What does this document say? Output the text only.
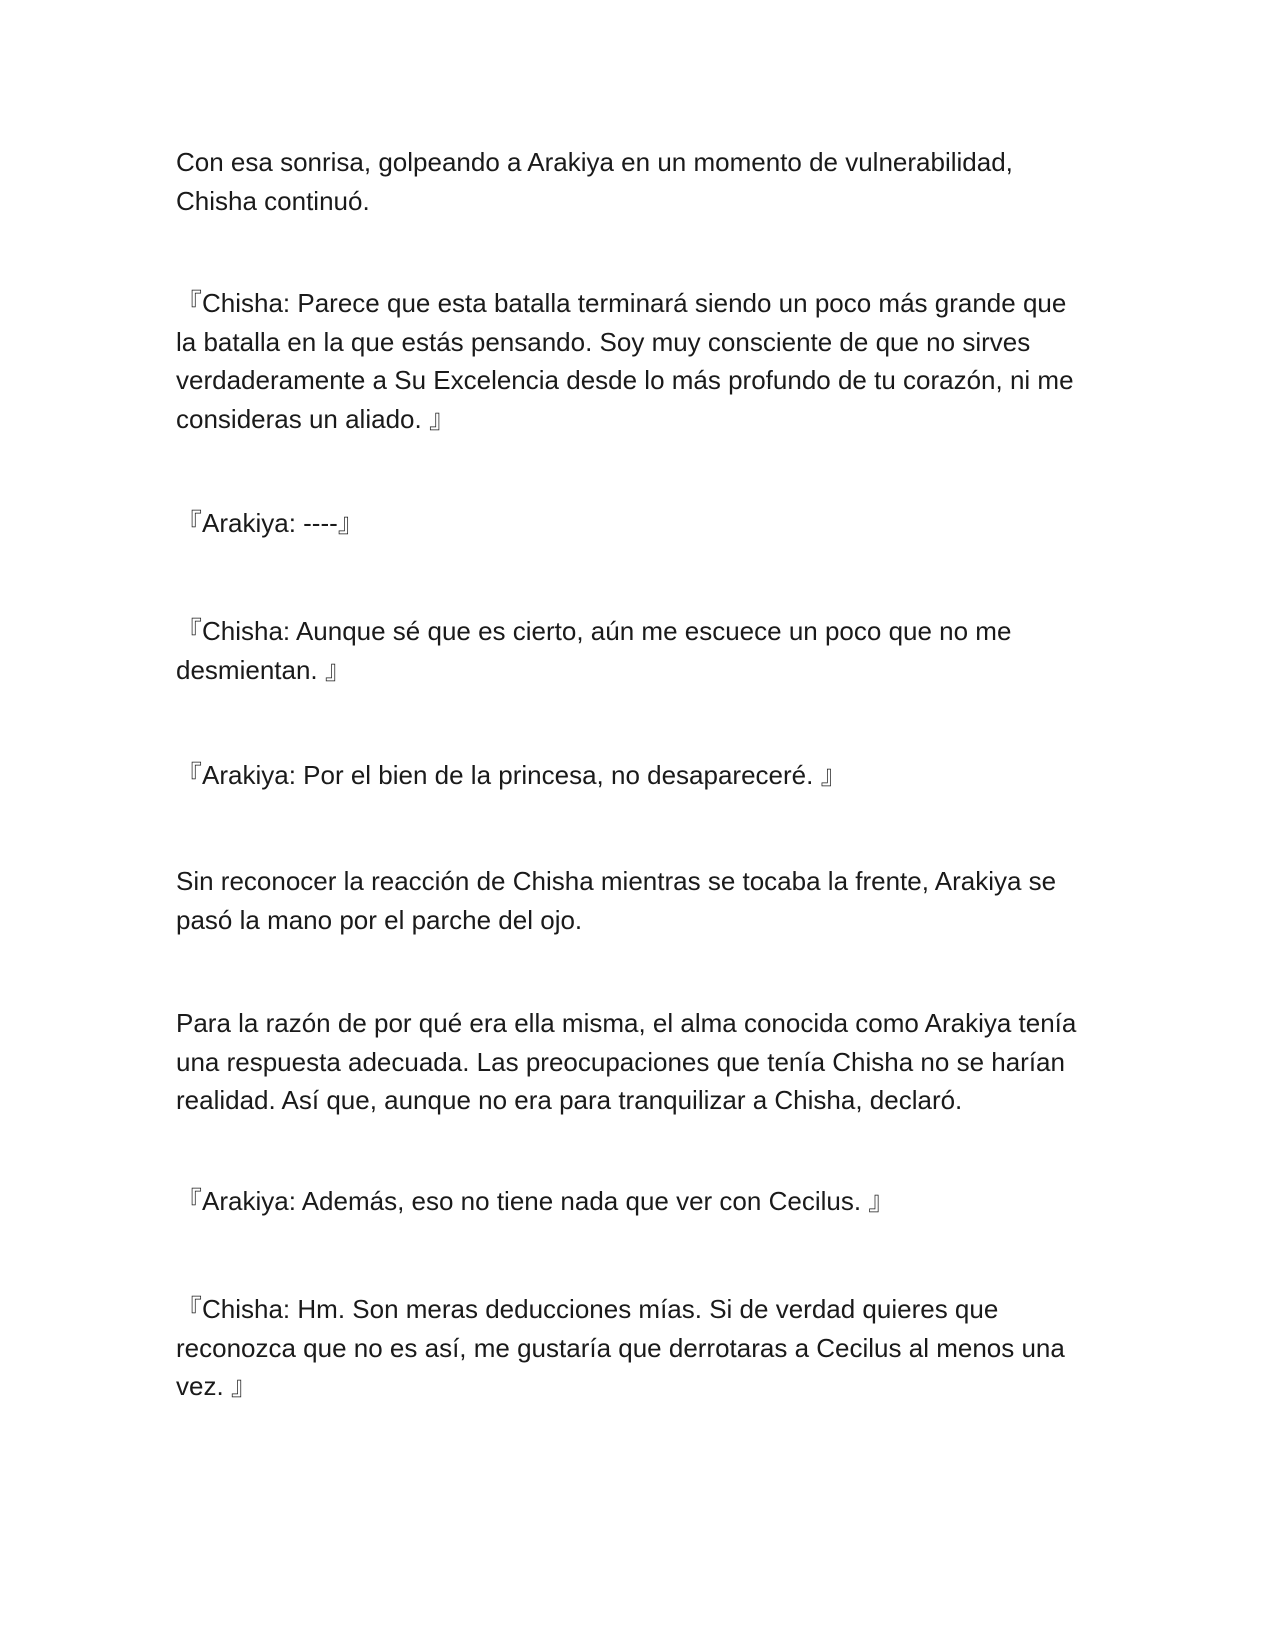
Con esa sonrisa, golpeando a Arakiya en un momento de vulnerabilidad,
Chisha continuó.
『Chisha: Parece que esta batalla terminará siendo un poco más grande que
la batalla en la que estás pensando. Soy muy consciente de que no sirves
verdaderamente a Su Excelencia desde lo más profundo de tu corazón, ni me
consideras un aliado. 』
『Arakiya: ----』
『Chisha: Aunque sé que es cierto, aún me escuece un poco que no me
desmientan. 』
『Arakiya: Por el bien de la princesa, no desapareceré. 』
Sin reconocer la reacción de Chisha mientras se tocaba la frente, Arakiya se
pasó la mano por el parche del ojo.
Para la razón de por qué era ella misma, el alma conocida como Arakiya tenía
una respuesta adecuada. Las preocupaciones que tenía Chisha no se harían
realidad. Así que, aunque no era para tranquilizar a Chisha, declaró.
『Arakiya: Además, eso no tiene nada que ver con Cecilus. 』
『Chisha: Hm. Son meras deducciones mías. Si de verdad quieres que
reconozca que no es así, me gustaría que derrotaras a Cecilus al menos una
vez. 』
